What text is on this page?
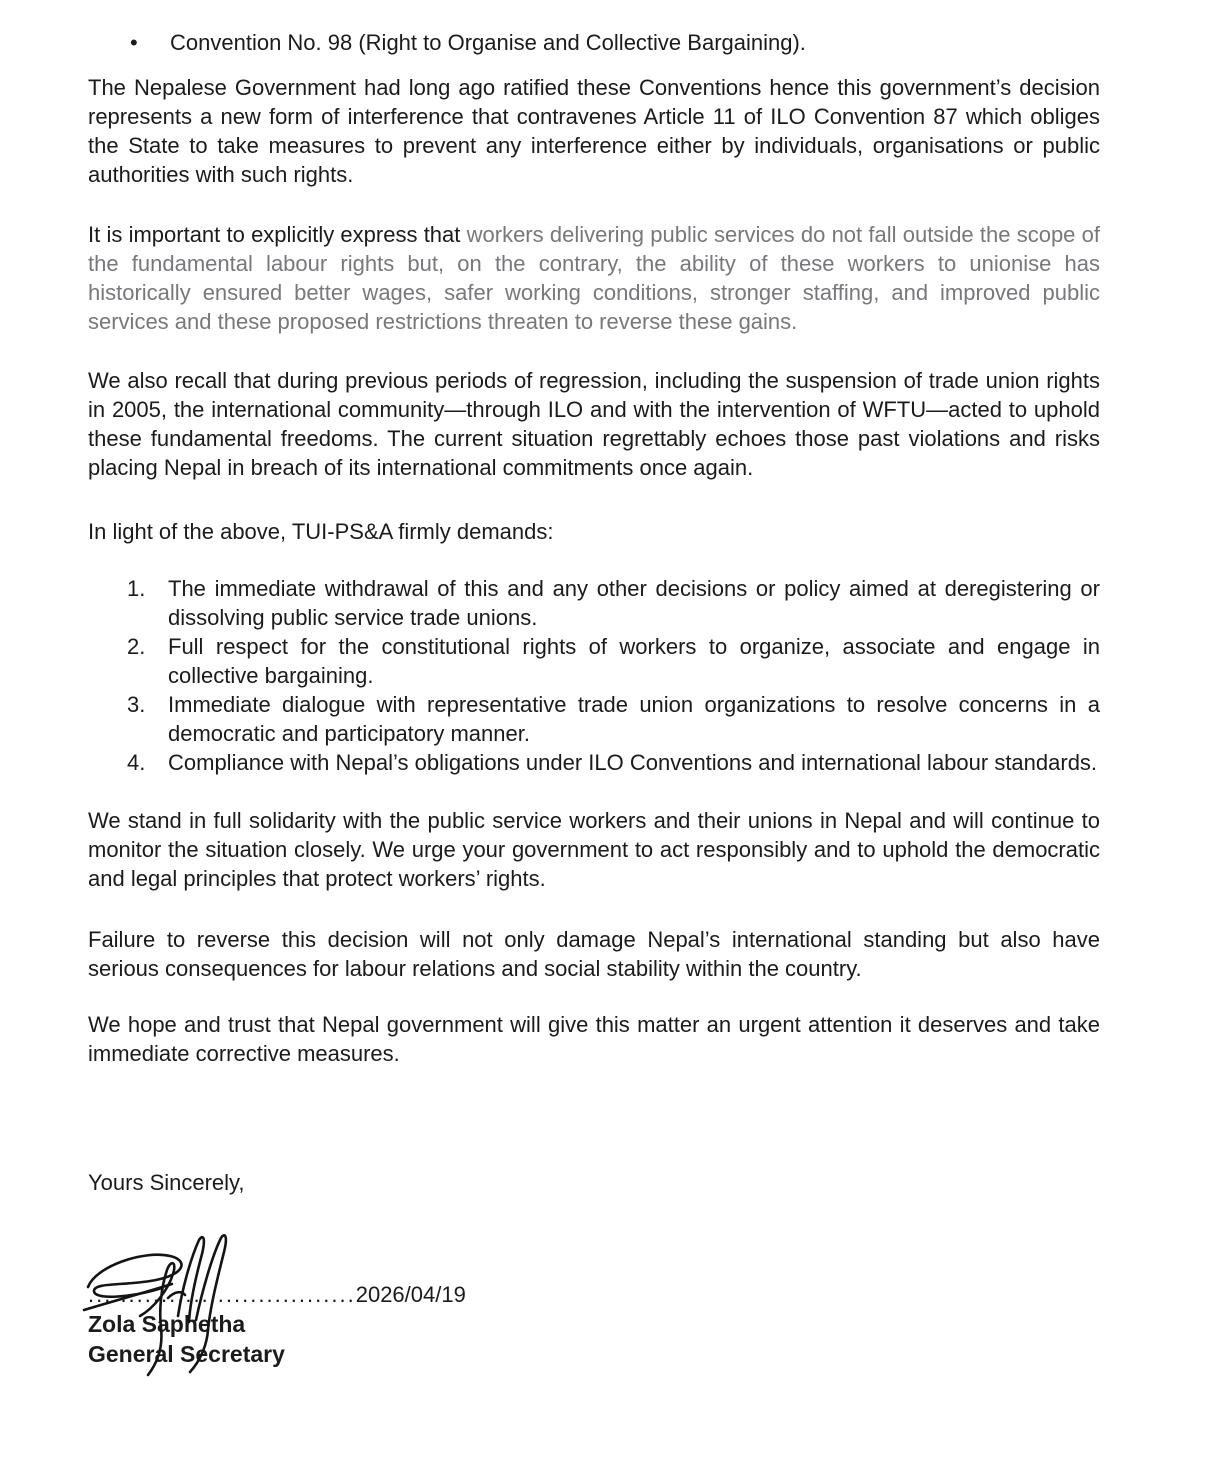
•	Convention No. 98 (Right to Organise and Collective Bargaining).

The Nepalese Government had long ago ratified these Conventions hence this government’s decision represents a new form of interference that contravenes Article 11 of ILO Convention 87 which obliges the State to take measures to prevent any interference either by individuals, organisations or public authorities with such rights.

It is important to explicitly express that workers delivering public services do not fall outside the scope of the fundamental labour rights but, on the contrary, the ability of these workers to unionise has historically ensured better wages, safer working conditions, stronger staffing, and improved public services and these proposed restrictions threaten to reverse these gains.

We also recall that during previous periods of regression, including the suspension of trade union rights in 2005, the international community—through ILO and with the intervention of WFTU—acted to uphold these fundamental freedoms. The current situation regrettably echoes those past violations and risks placing Nepal in breach of its international commitments once again.

In light of the above, TUI-PS&A firmly demands:

1.	The immediate withdrawal of this and any other decisions or policy aimed at deregistering or dissolving public service trade unions.
2.	Full respect for the constitutional rights of workers to organize, associate and engage in collective bargaining.
3.	Immediate dialogue with representative trade union organizations to resolve concerns in a democratic and participatory manner.
4.	Compliance with Nepal’s obligations under ILO Conventions and international labour standards.

We stand in full solidarity with the public service workers and their unions in Nepal and will continue to monitor the situation closely. We urge your government to act responsibly and to uphold the democratic and legal principles that protect workers’ rights.

Failure to reverse this decision will not only damage Nepal’s international standing but also have serious consequences for labour relations and social stability within the country.

We hope and trust that Nepal government will give this matter an urgent attention it deserves and take immediate corrective measures.

Yours Sincerely,

.................................2026/04/19
Zola Saphetha
General Secretary
